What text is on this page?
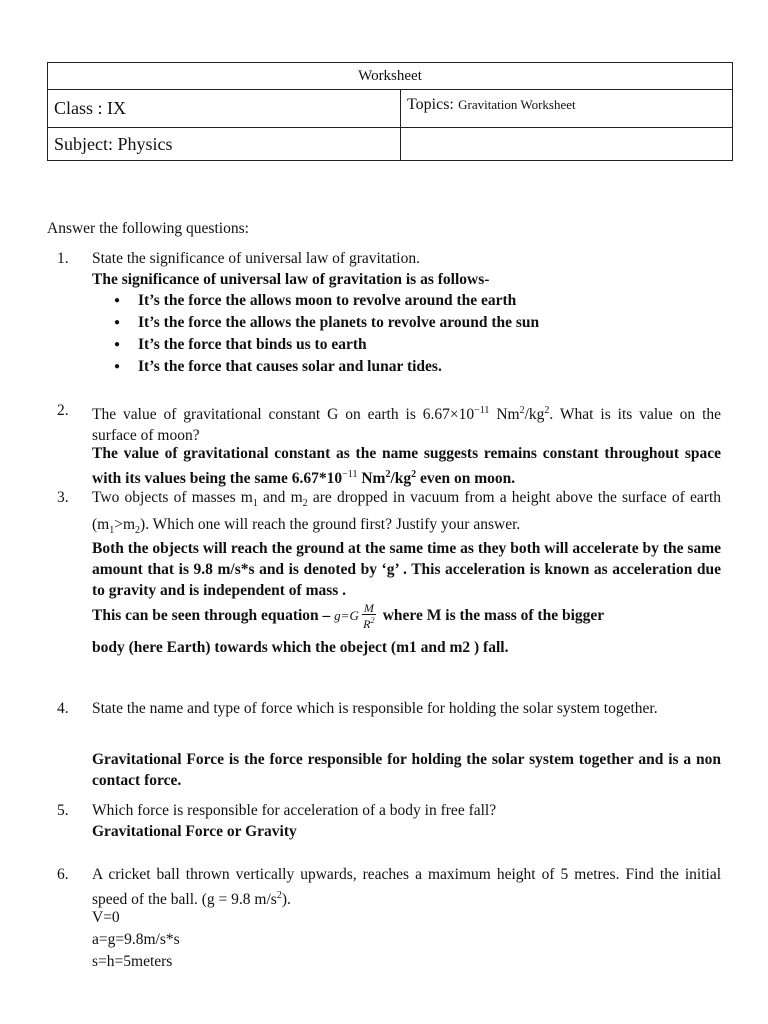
Worksheet	
Class : IX	Topics: Gravitation Worksheet
Subject: Physics	
Answer the following questions:
1. State the significance of universal law of gravitation.
The significance of universal law of gravitation is as follows-
● It’s the force the allows moon to revolve around the earth
● It’s the force the allows the planets to revolve around the sun
● It’s the force that binds us to earth
● It’s the force that causes solar and lunar tides.
2. The value of gravitational constant G on earth is $6.67\times 10^{-11}$ $Nm^2/kg^2$. What is its value on the surface of moon?
The value of gravitational constant as the name suggests remains constant throughout space with its values being the same $6.67*10^{-11}$ $Nm^2/kg^2$ even on moon.
3. Two objects of masses $m_1$ and $m_2$ are dropped in vacuum from a height above the surface of earth $(m_1>m_2)$. Which one will reach the ground first? Justify your answer.
Both the objects will reach the ground at the same time as they both will accelerate by the same amount that is 9.8 m/s*s and is denoted by ‘g’ . This acceleration is known as acceleration due to gravity and is independent of mass .
This can be seen through equation – $g=G \frac{M}{R^2}$ where M is the mass of the bigger
body (here Earth) towards which the obeject (m1 and m2 ) fall.
4. State the name and type of force which is responsible for holding the solar system together.
Gravitational Force is the force responsible for holding the solar system together and is a non contact force.
5. Which force is responsible for acceleration of a body in free fall?
Gravitational Force or Gravity
6. A cricket ball thrown vertically upwards, reaches a maximum height of 5 metres. Find the initial speed of the ball. (g = 9.8 $m/s^2$).
V=0
a=g=9.8m/s*s
s=h=5meters
